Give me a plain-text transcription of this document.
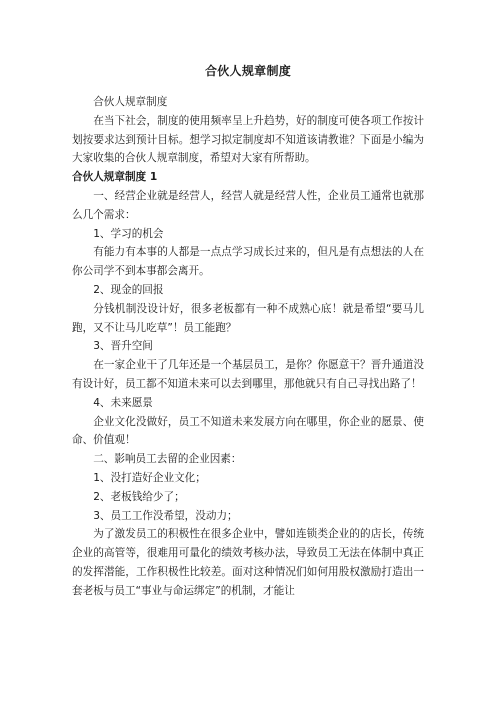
合伙人规章制度

合伙人规章制度

在当下社会，制度的使用频率呈上升趋势，好的制度可使各项工作按计划按要求达到预计目标。想学习拟定制度却不知道该请教谁？下面是小编为大家收集的合伙人规章制度，希望对大家有所帮助。

合伙人规章制度 1

一、经营企业就是经营人，经营人就是经营人性，企业员工通常也就那么几个需求：

1、学习的机会

有能力有本事的人都是一点点学习成长过来的，但凡是有点想法的人在你公司学不到本事都会离开。

2、现金的回报

分钱机制没设计好，很多老板都有一种不成熟心底！就是希望“要马儿跑，又不让马儿吃草”！员工能跑？

3、晋升空间

在一家企业干了几年还是一个基层员工，是你？你愿意干？晋升通道没有设计好，员工都不知道未来可以去到哪里，那他就只有自己寻找出路了！

4、未来愿景

企业文化没做好，员工不知道未来发展方向在哪里，你企业的愿景、使命、价值观！

二、影响员工去留的企业因素：

1、没打造好企业文化；

2、老板钱给少了；

3、员工工作没希望，没动力；

为了激发员工的积极性在很多企业中，譬如连锁类企业的的店长，传统企业的高管等，很难用可量化的绩效考核办法，导致员工无法在体制中真正的发挥潜能，工作积极性比较差。面对这种情况们如何用股权激励打造出一套老板与员工“事业与命运绑定”的机制，才能让
